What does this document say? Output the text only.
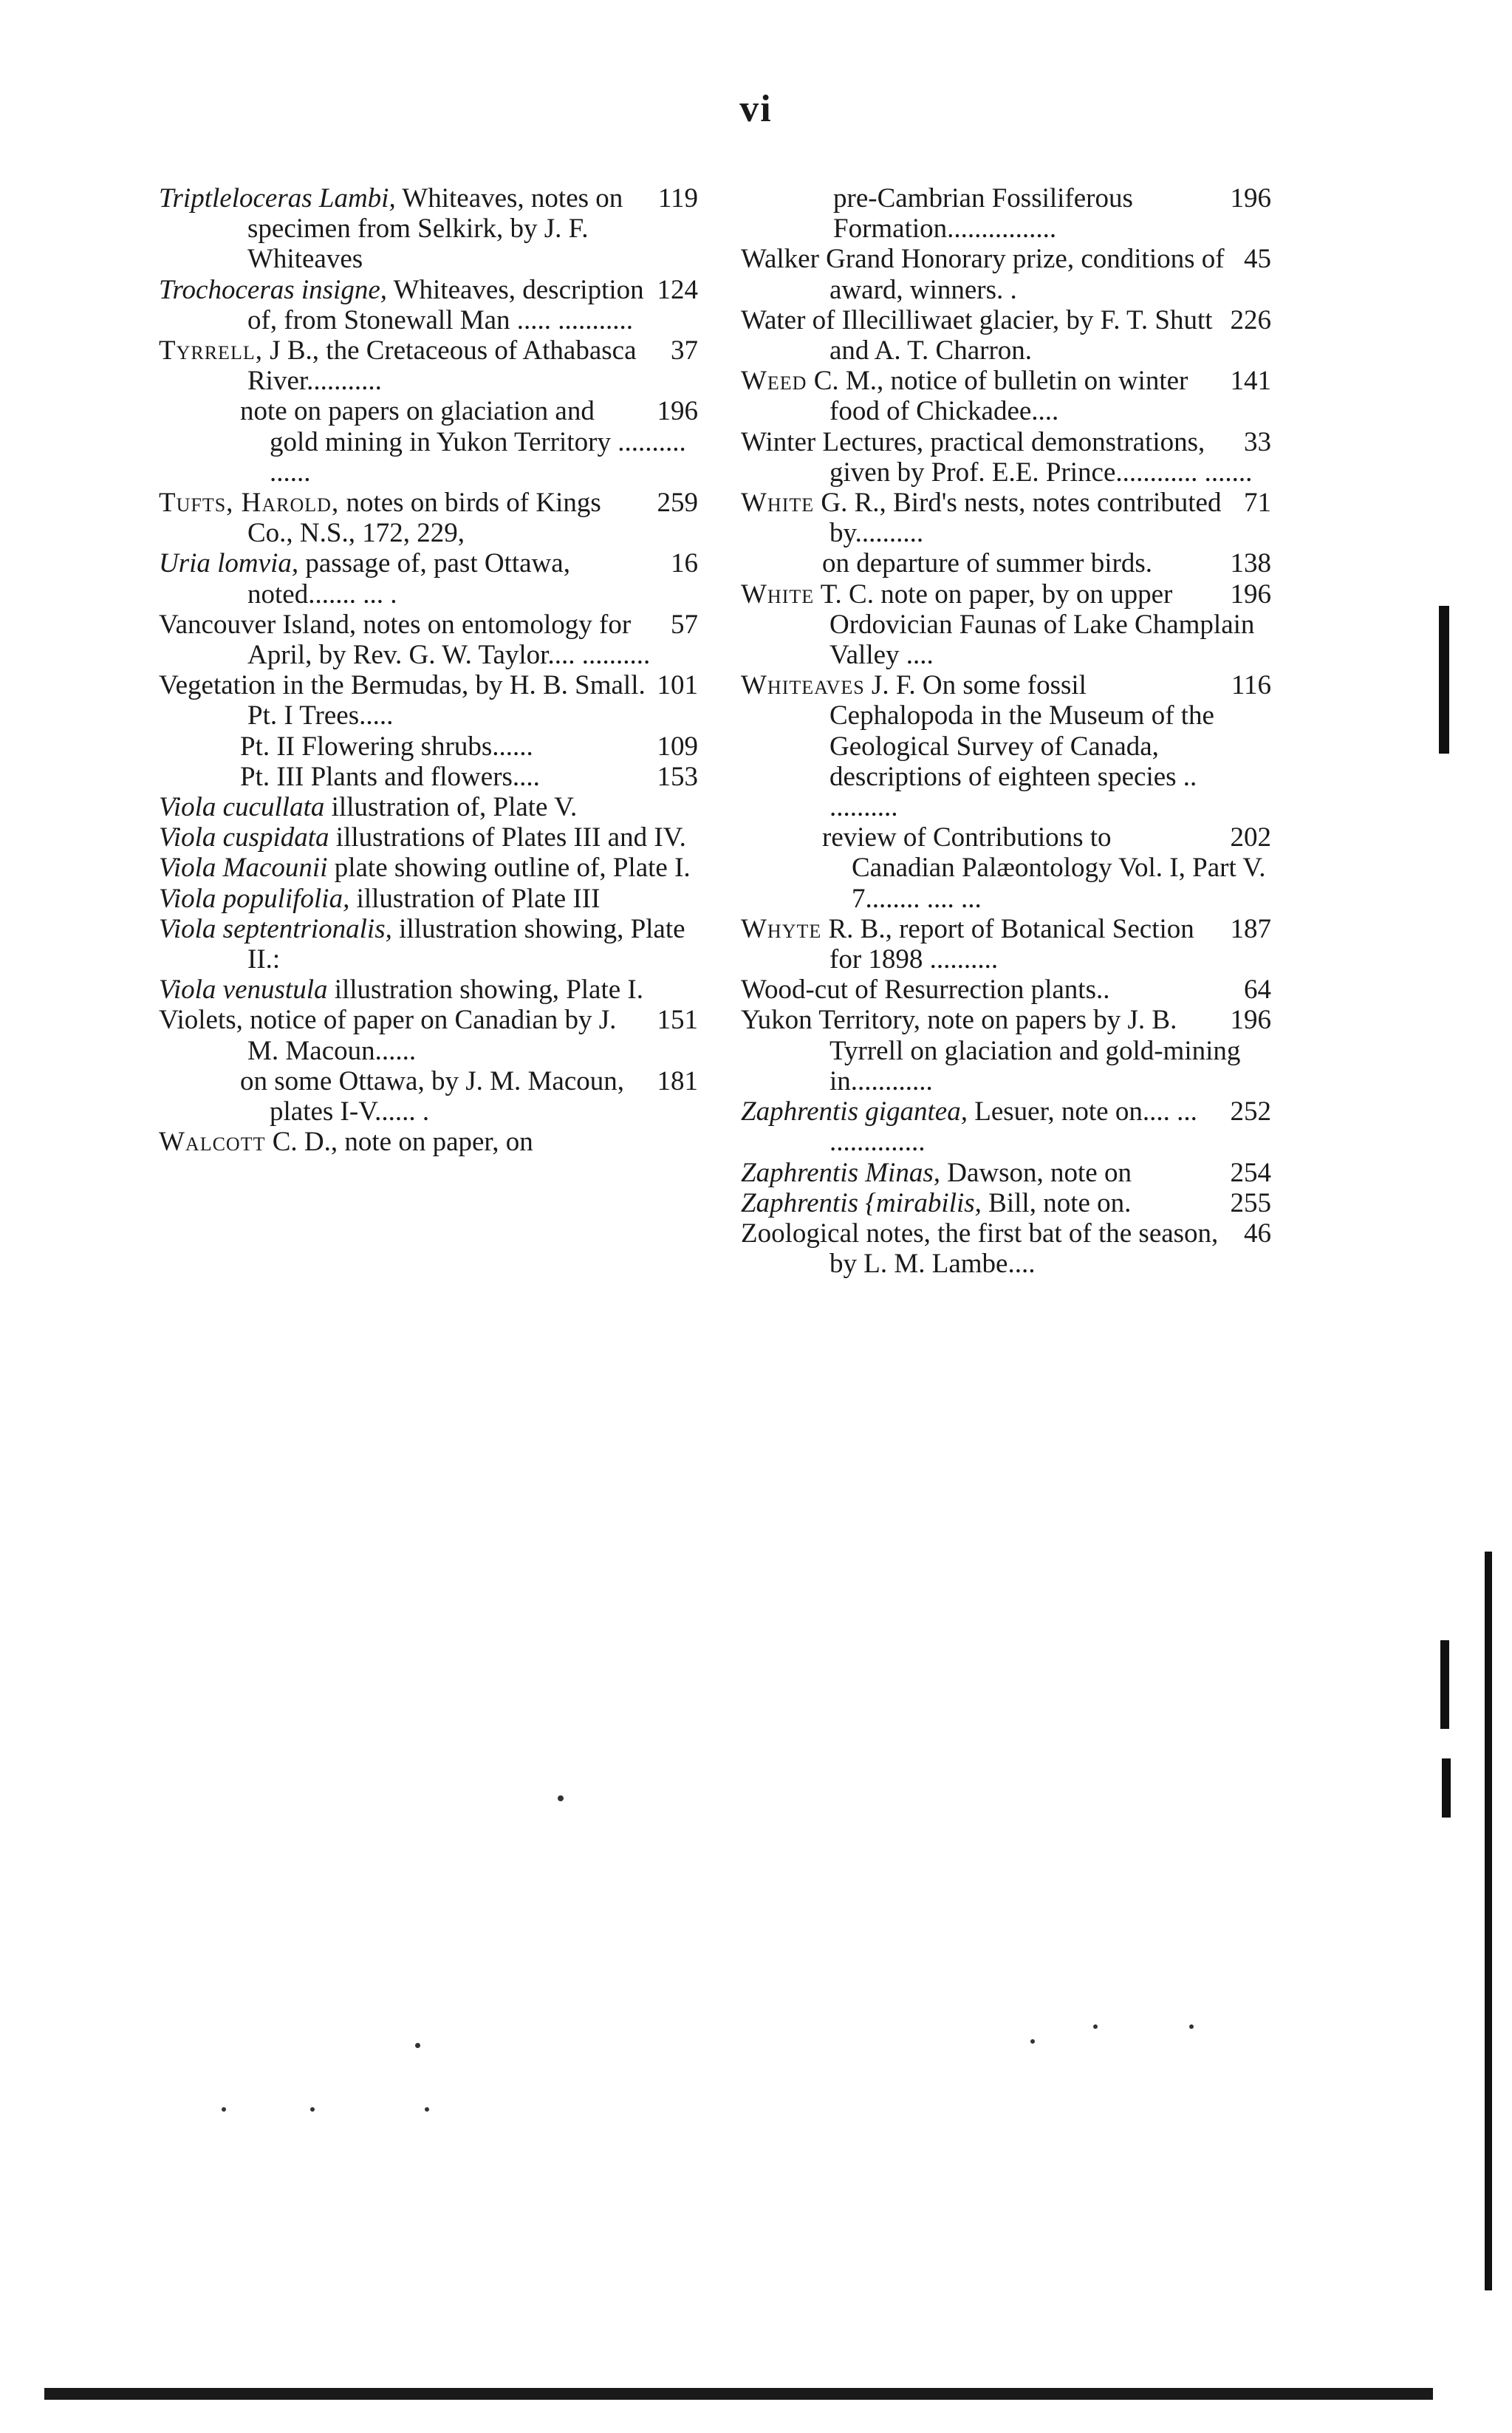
vi
119
Triptleloceras Lambi, Whiteaves, notes on specimen from Selkirk, by J. F. Whiteaves
124
Trochoceras insigne, Whiteaves, description of, from Stonewall Man ..... ...........
37
Tyrrell, J B., the Cretaceous of Athabasca River...........
196
note on papers on glaciation and gold mining in Yukon Territory .......... ......
259
Tufts, Harold, notes on birds of Kings Co., N.S., 172, 229,
16
Uria lomvia, passage of, past Ottawa, noted....... ... .
57
Vancouver Island, notes on entomology for April, by Rev. G. W. Taylor.... ..........
101
Vegetation in the Bermudas, by H. B. Small. Pt. I Trees.....
109
Pt. II Flowering shrubs......
153
Pt. III Plants and flowers....
Viola cucullata illustration of, Plate V.
Viola cuspidata illustrations of Plates III and IV.
Viola Macounii plate showing outline of, Plate I.
Viola populifolia, illustration of Plate III
Viola septentrionalis, illustration showing, Plate II.:
Viola venustula illustration showing, Plate I.
151
Violets, notice of paper on Canadian by J. M. Macoun......
181
on some Ottawa, by J. M. Macoun, plates I-V...... .
Walcott C. D., note on paper, on
196
pre-Cambrian Fossiliferous Formation................
45
Walker Grand Honorary prize, conditions of award, winners. .
226
Water of Illecilliwaet glacier, by F. T. Shutt and A. T. Charron.
141
Weed C. M., notice of bulletin on winter food of Chickadee....
33
Winter Lectures, practical demonstrations, given by Prof. E.E. Prince............ .......
71
White G. R., Bird's nests, notes contributed by..........
138
on departure of summer birds.
196
White T. C. note on paper, by on upper Ordovician Faunas of Lake Champlain Valley ....
116
Whiteaves J. F. On some fossil Cephalopoda in the Museum of the Geological Survey of Canada, descriptions of eighteen species .. ..........
202
review of Contributions to Canadian Palæontology Vol. I, Part V. 7........ .... ...
187
Whyte R. B., report of Botanical Section for 1898 ..........
64
Wood-cut of Resurrection plants..
196
Yukon Territory, note on papers by J. B. Tyrrell on glaciation and gold-mining in............
252
Zaphrentis gigantea, Lesuer, note on.... ... ..............
254
Zaphrentis Minas, Dawson, note on
255
Zaphrentis {mirabilis, Bill, note on.
46
Zoological notes, the first bat of the season, by L. M. Lambe....
